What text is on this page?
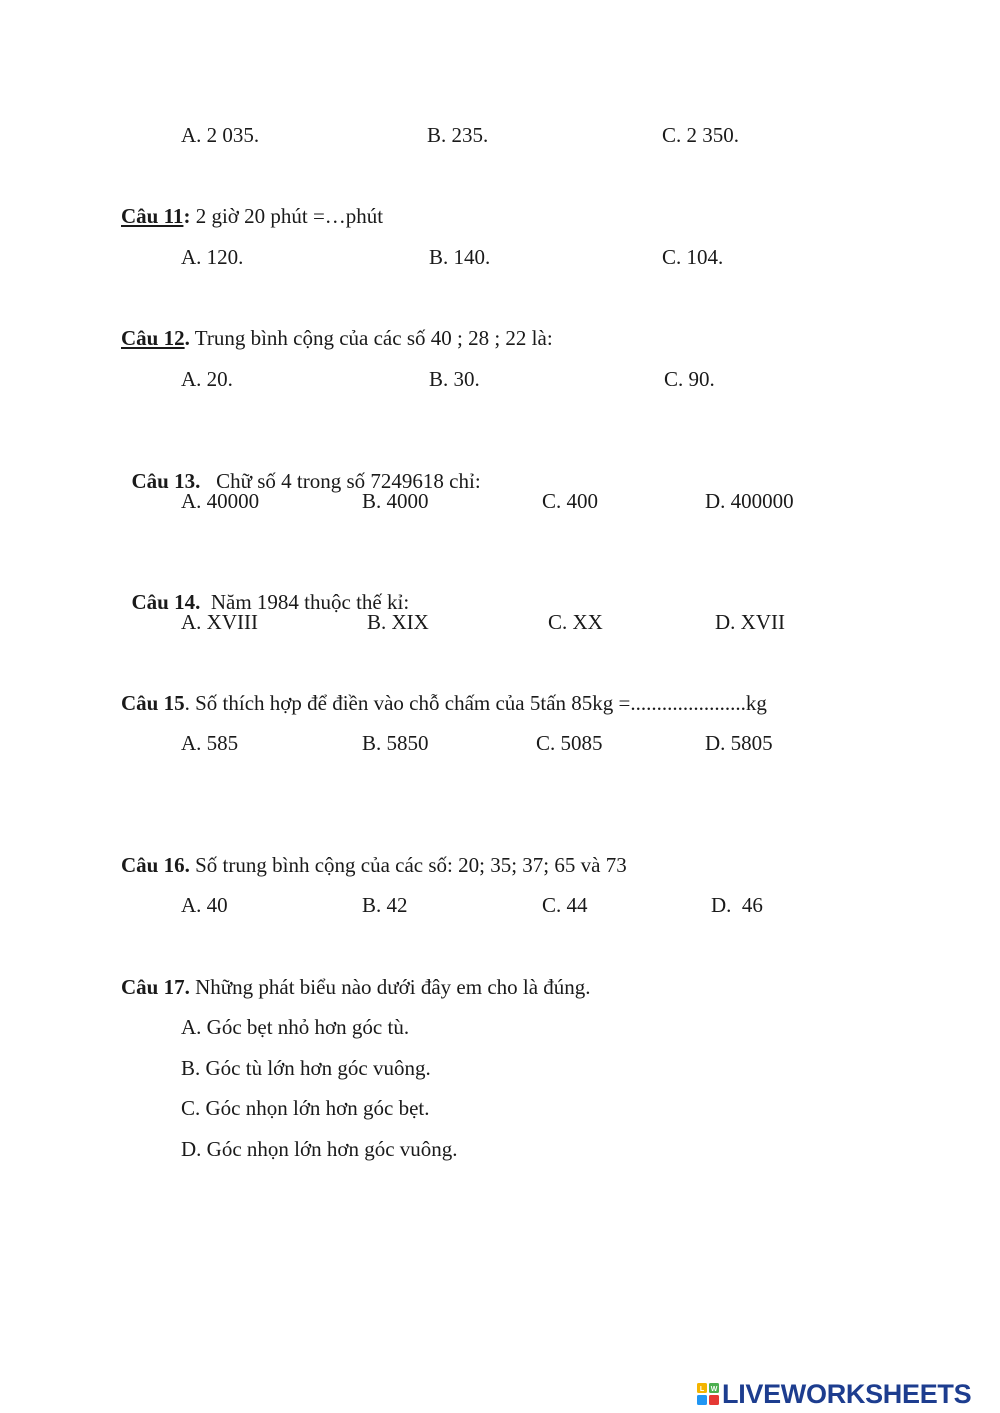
A. 2 035.	B. 235.	C. 2 350.
Câu 11: 2 giờ 20 phút =…phút
A. 120.	B. 140.	C. 104.
Câu 12. Trung bình cộng của các số 40 ; 28 ; 22 là:
A. 20.	B. 30.	C. 90.

Câu 13.   Chữ số 4 trong số 7249618 chỉ:

A. 40000	B. 4000	C. 400	D. 400000

Câu 14.  Năm 1984 thuộc thế kỉ:

A. XVIII	B. XIX	C. XX	D. XVII
Câu 15. Số thích hợp để điền vào chỗ chấm của 5tấn 85kg =......................kg
A. 585	B. 5850	C. 5085	D. 5805
Câu 16. Số trung bình cộng của các số: 20; 35; 37; 65 và 73
A. 40	B. 42	C. 44	D.  46
Câu 17. Những phát biểu nào dưới đây em cho là đúng.
A. Góc bẹt nhỏ hơn góc tù.
B. Góc tù lớn hơn góc vuông.
C. Góc nhọn lớn hơn góc bẹt.
D. Góc nhọn lớn hơn góc vuông.
L W LIVEWORKSHEETS
